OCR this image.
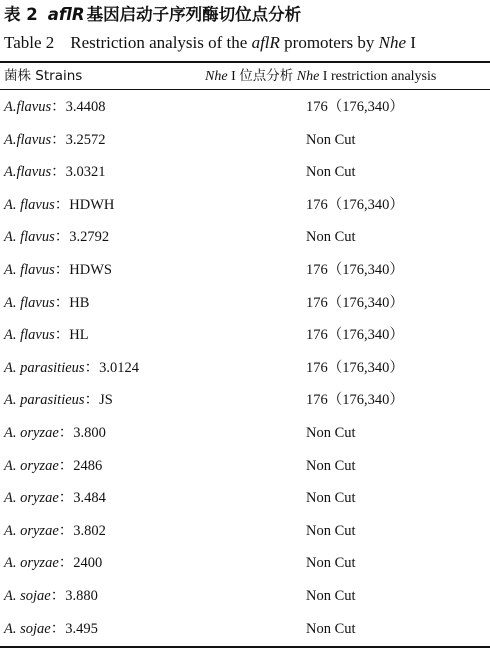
表 2 aflR 基因启动子序列酶切位点分析
Table 2 Restriction analysis of the aflR promoters by Nhe I
菌株 Strains	Nhe I 位点分析 Nhe I restriction analysis
A.flavus：3.4408	176（176,340）
A.flavus：3.2572	Non Cut
A.flavus：3.0321	Non Cut
A. flavus：HDWH	176（176,340）
A. flavus：3.2792	Non Cut
A. flavus：HDWS	176（176,340）
A. flavus：HB	176（176,340）
A. flavus：HL	176（176,340）
A. parasitieus：3.0124	176（176,340）
A. parasitieus：JS	176（176,340）
A. oryzae：3.800	Non Cut
A. oryzae：2486	Non Cut
A. oryzae：3.484	Non Cut
A. oryzae：3.802	Non Cut
A. oryzae：2400	Non Cut
A. sojae：3.880	Non Cut
A. sojae：3.495	Non Cut
